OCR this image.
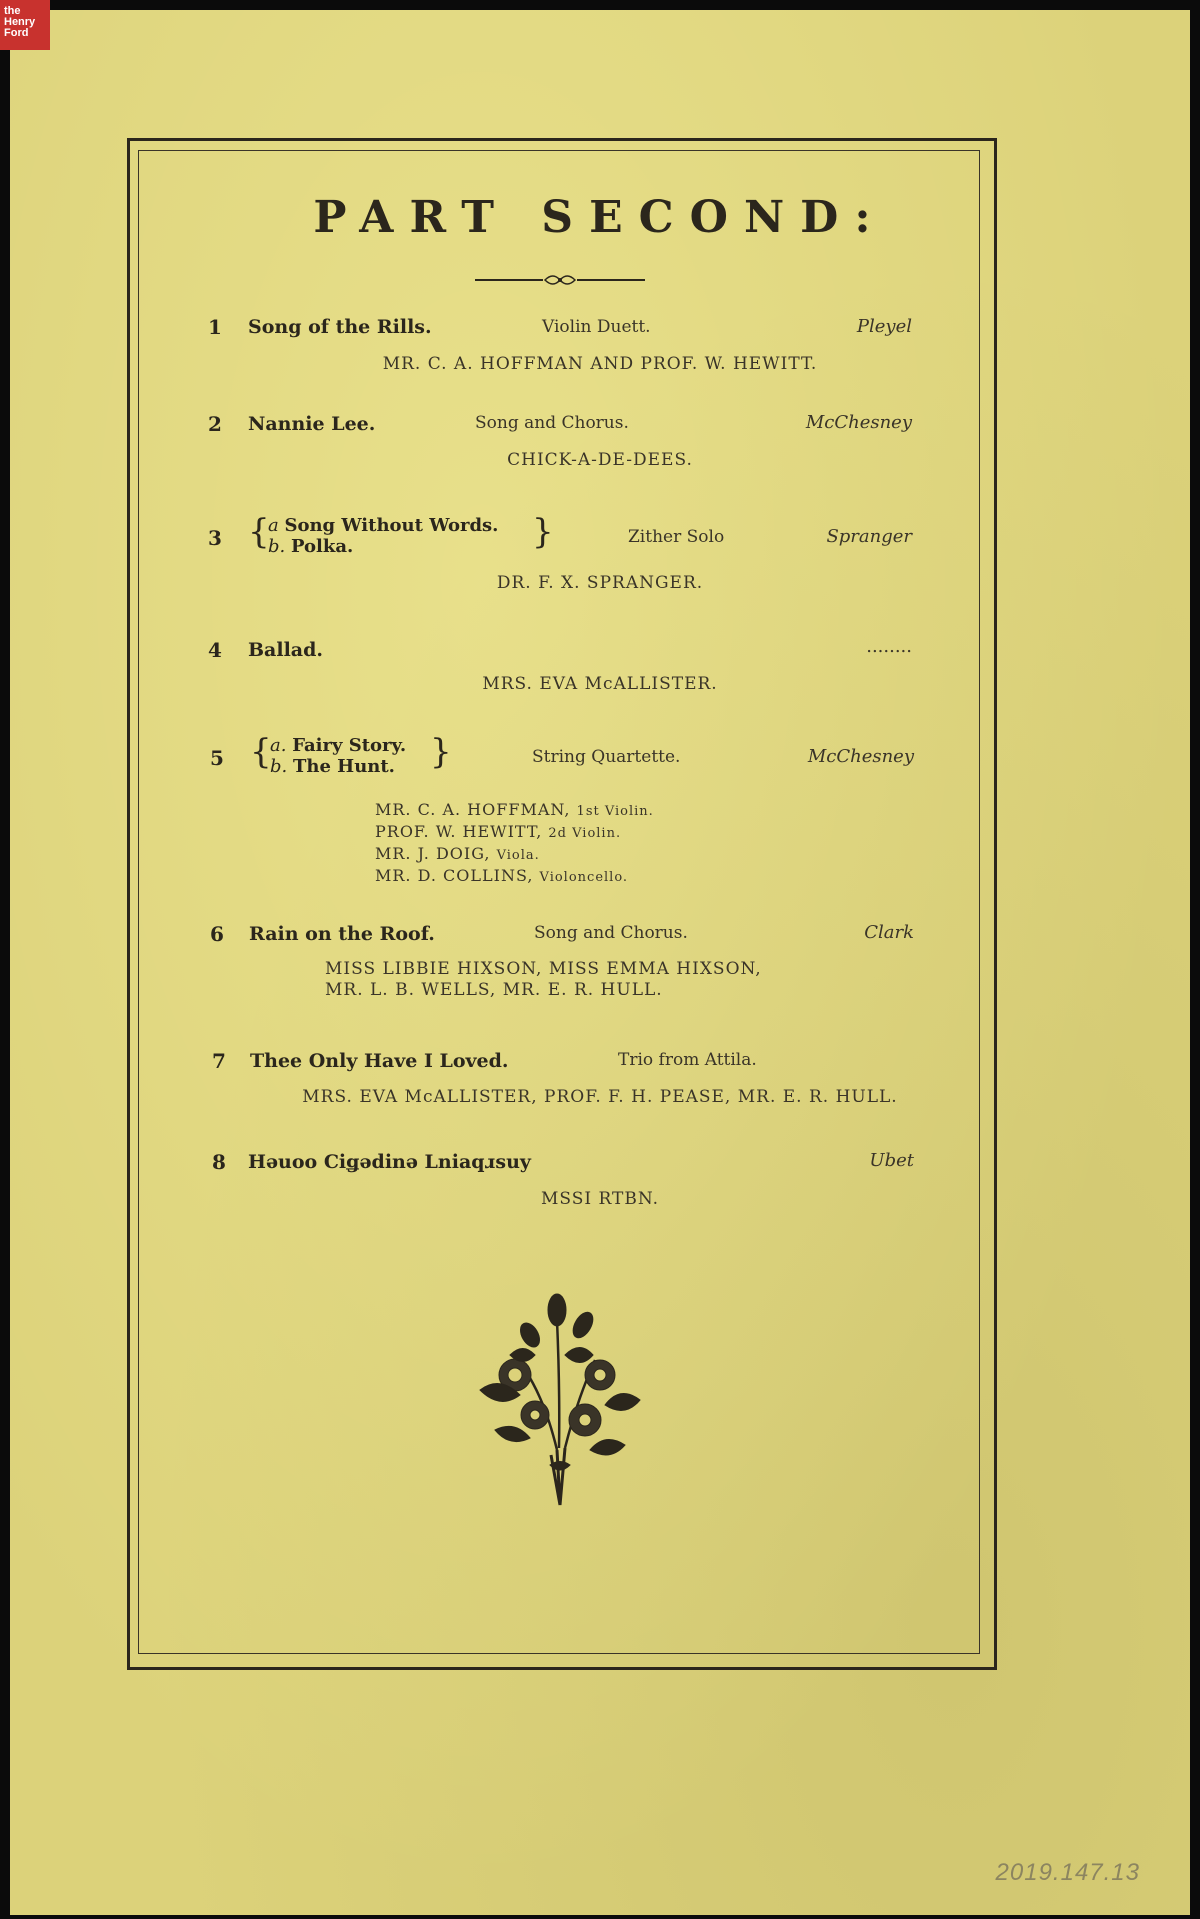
the
Henry
Ford
PART SECOND:
1 Song of the Rills.	Violin Duett.	Pleyel
MR. C. A. HOFFMAN AND PROF. W. HEWITT.
2 Nannie Lee.	Song and Chorus.	McChesney
CHICK-A-DE-DEES.
3 {
a Song Without Words.
b. Polka.	}	Zither Solo	Spranger
DR. F. X. SPRANGER.
4 Ballad.	........
MRS. EVA McALLISTER.
5 {
a. Fairy Story.
b. The Hunt. }	String Quartette.	McChesney
MR. C. A. HOFFMAN, 1st Violin.
PROF. W. HEWITT, 2d Violin.
MR. J. DOIG, Viola.
MR. D. COLLINS, Violoncello.
6 Rain on the Roof.	Song and Chorus.	Clark
MISS LIBBIE HIXSON, MISS EMMA HIXSON,
MR. L. B. WELLS, MR. E. R. HULL.
7 Thee Only Have I Loved.	Trio from Attila.
MRS. EVA McALLISTER, PROF. F. H. PEASE, MR. E. R. HULL.
8 Hǝuoo Ciǥǝdinǝ Lniaqɹsuy	Ubet
MSSI RTBN.
2019.147.13
